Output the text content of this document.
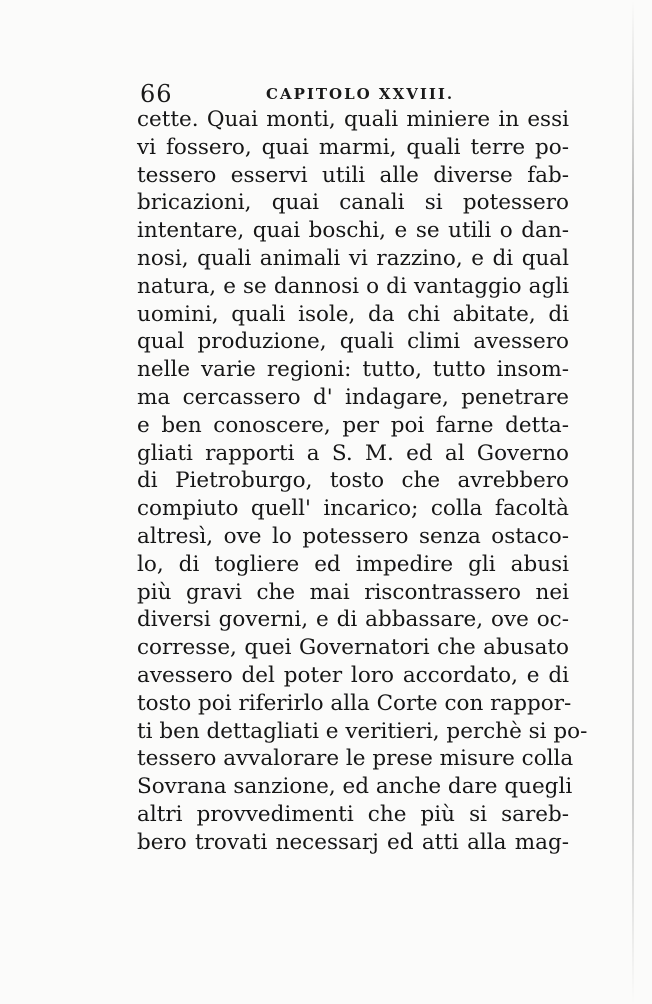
66	CAPITOLO XXVIII.
cette. Quai monti, quali miniere in essi
vi fossero, quai marmi, quali terre po-
tessero esservi utili alle diverse fab-
bricazioni, quai canali si potessero
intentare, quai boschi, e se utili o dan-
nosi, quali animali vi razzino, e di qual
natura, e se dannosi o di vantaggio agli
uomini, quali isole, da chi abitate, di
qual produzione, quali climi avessero
nelle varie regioni: tutto, tutto insom-
ma cercassero d' indagare, penetrare
e ben conoscere, per poi farne detta-
gliati rapporti a S. M. ed al Governo
di Pietroburgo, tosto che avrebbero
compiuto quell' incarico; colla facoltà
altresì, ove lo potessero senza ostaco-
lo, di togliere ed impedire gli abusi
più gravi che mai riscontrassero nei
diversi governi, e di abbassare, ove oc-
corresse, quei Governatori che abusato
avessero del poter loro accordato, e di
tosto poi riferirlo alla Corte con rappor-
ti ben dettagliati e veritieri, perchè si po-
tessero avvalorare le prese misure colla
Sovrana sanzione, ed anche dare quegli
altri provvedimenti che più si sareb-
bero trovati necessarj ed atti alla mag-
